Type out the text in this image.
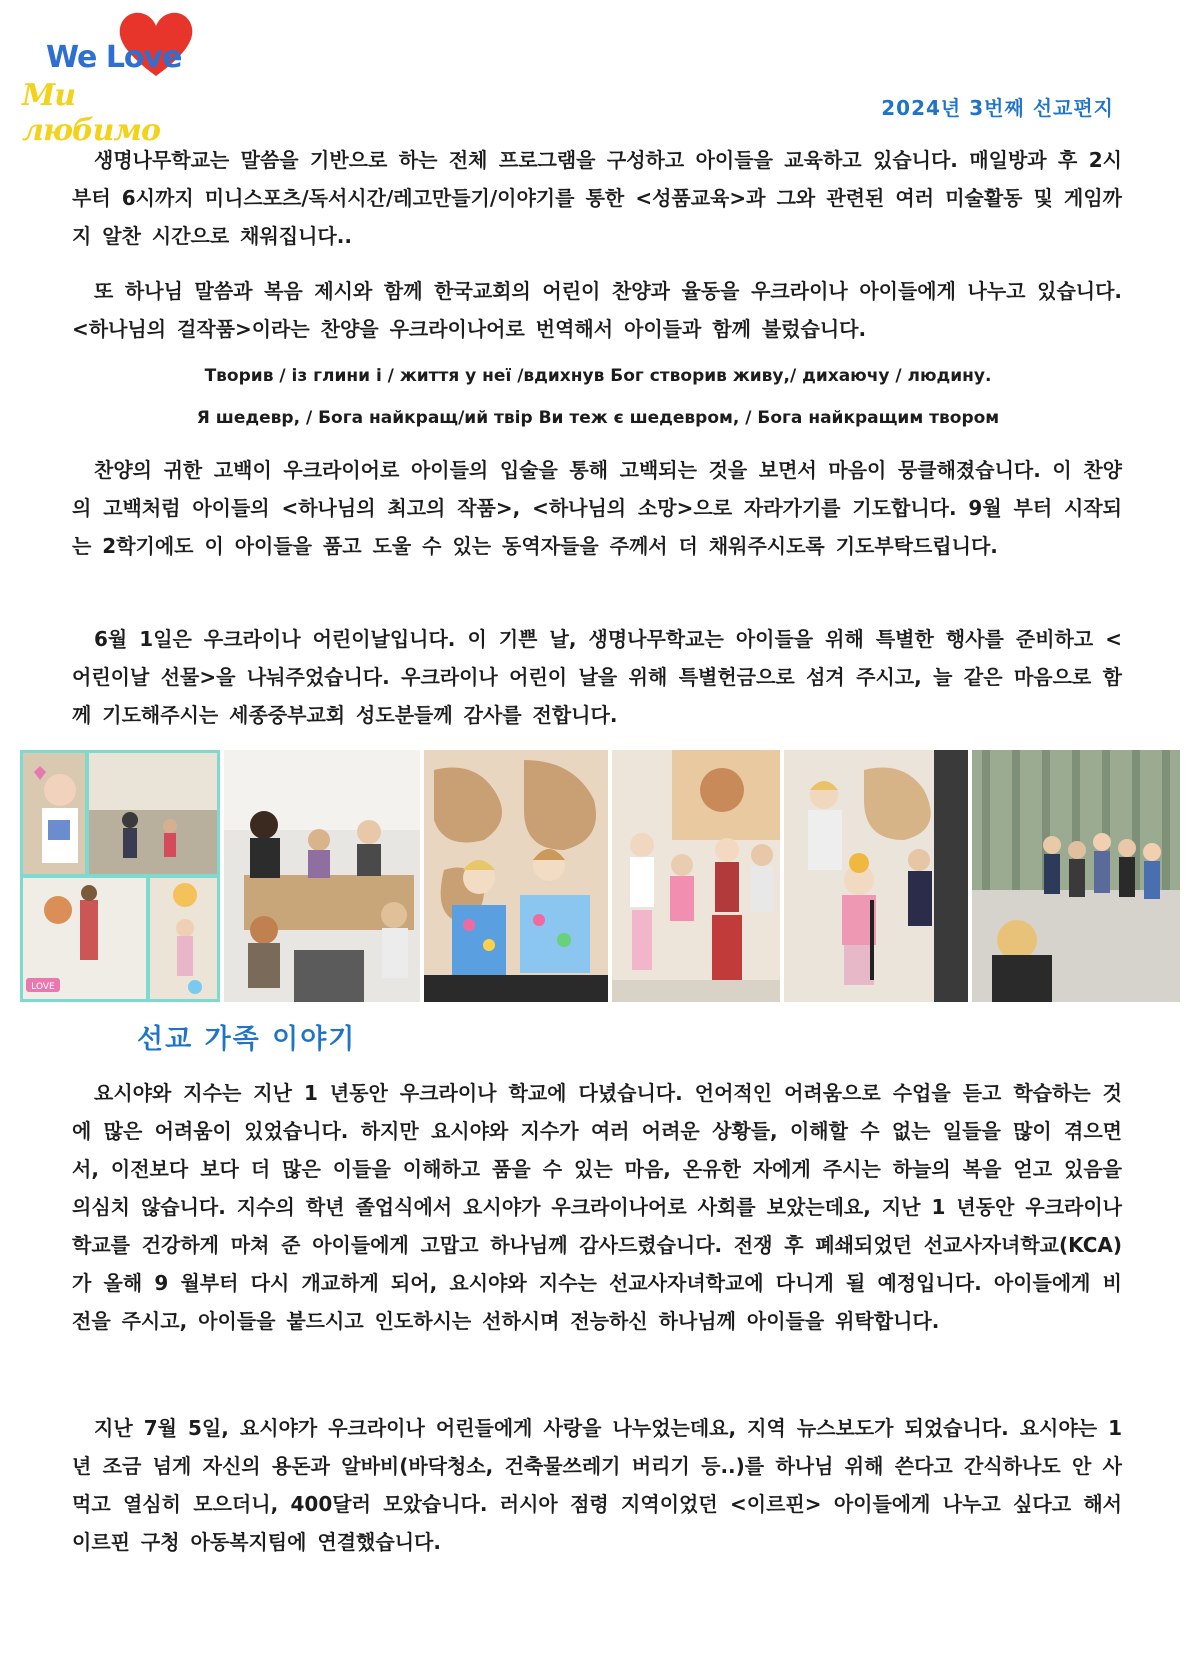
We Love
Ми любимо
2024년 3번째 선교편지
생명나무학교는 말씀을 기반으로 하는 전체 프로그램을 구성하고 아이들을 교육하고 있습니다. 매일방과 후 2시부터 6시까지 미니스포츠/독서시간/레고만들기/이야기를 통한 <성품교육>과 그와 관련된 여러 미술활동 및 게임까지 알찬 시간으로 채워집니다..
또 하나님 말씀과 복음 제시와 함께 한국교회의 어린이 찬양과 율동을 우크라이나 아이들에게 나누고 있습니다. <하나님의 걸작품>이라는 찬양을 우크라이나어로 번역해서 아이들과 함께 불렀습니다.
Творив / із глини і / життя у неї /вдихнув Бог створив живу,/ дихаючу / людину.
Я шедевр, / Бога найкращ/ий твір Ви теж є шедевром, / Бога найкращим твором
찬양의 귀한 고백이 우크라이어로 아이들의 입술을 통해 고백되는 것을 보면서 마음이 뭉클해졌습니다. 이 찬양의 고백처럼 아이들의 <하나님의 최고의 작품>, <하나님의 소망>으로 자라가기를 기도합니다. 9월 부터 시작되는 2학기에도 이 아이들을 품고 도울 수 있는 동역자들을 주께서 더 채워주시도록 기도부탁드립니다.
6월 1일은 우크라이나 어린이날입니다. 이 기쁜 날, 생명나무학교는 아이들을 위해 특별한 행사를 준비하고 <어린이날 선물>을 나눠주었습니다. 우크라이나 어린이 날을 위해 특별헌금으로 섬겨 주시고, 늘 같은 마음으로 함께 기도해주시는 세종중부교회 성도분들께 감사를 전합니다.
LOVE
선교 가족 이야기
요시야와 지수는 지난 1 년동안 우크라이나 학교에 다녔습니다. 언어적인 어려움으로 수업을 듣고 학습하는 것에 많은 어려움이 있었습니다. 하지만 요시야와 지수가 여러 어려운 상황들, 이해할 수 없는 일들을 많이 겪으면서, 이전보다 보다 더 많은 이들을 이해하고 품을 수 있는 마음, 온유한 자에게 주시는 하늘의 복을 얻고 있음을 의심치 않습니다. 지수의 학년 졸업식에서 요시야가 우크라이나어로 사회를 보았는데요, 지난 1 년동안 우크라이나 학교를 건강하게 마쳐 준 아이들에게 고맙고 하나님께 감사드렸습니다. 전쟁 후 폐쇄되었던 선교사자녀학교(KCA)가 올해 9 월부터 다시 개교하게 되어, 요시야와 지수는 선교사자녀학교에 다니게 될 예정입니다. 아이들에게 비전을 주시고, 아이들을 붙드시고 인도하시는 선하시며 전능하신 하나님께 아이들을 위탁합니다.
지난 7월 5일, 요시야가 우크라이나 어린들에게 사랑을 나누었는데요, 지역 뉴스보도가 되었습니다. 요시야는 1 년 조금 넘게 자신의 용돈과 알바비(바닥청소, 건축물쓰레기 버리기 등..)를 하나님 위해 쓴다고 간식하나도 안 사먹고 열심히 모으더니, 400달러 모았습니다. 러시아 점령 지역이었던 <이르핀> 아이들에게 나누고 싶다고 해서 이르핀 구청 아동복지팀에 연결했습니다.
